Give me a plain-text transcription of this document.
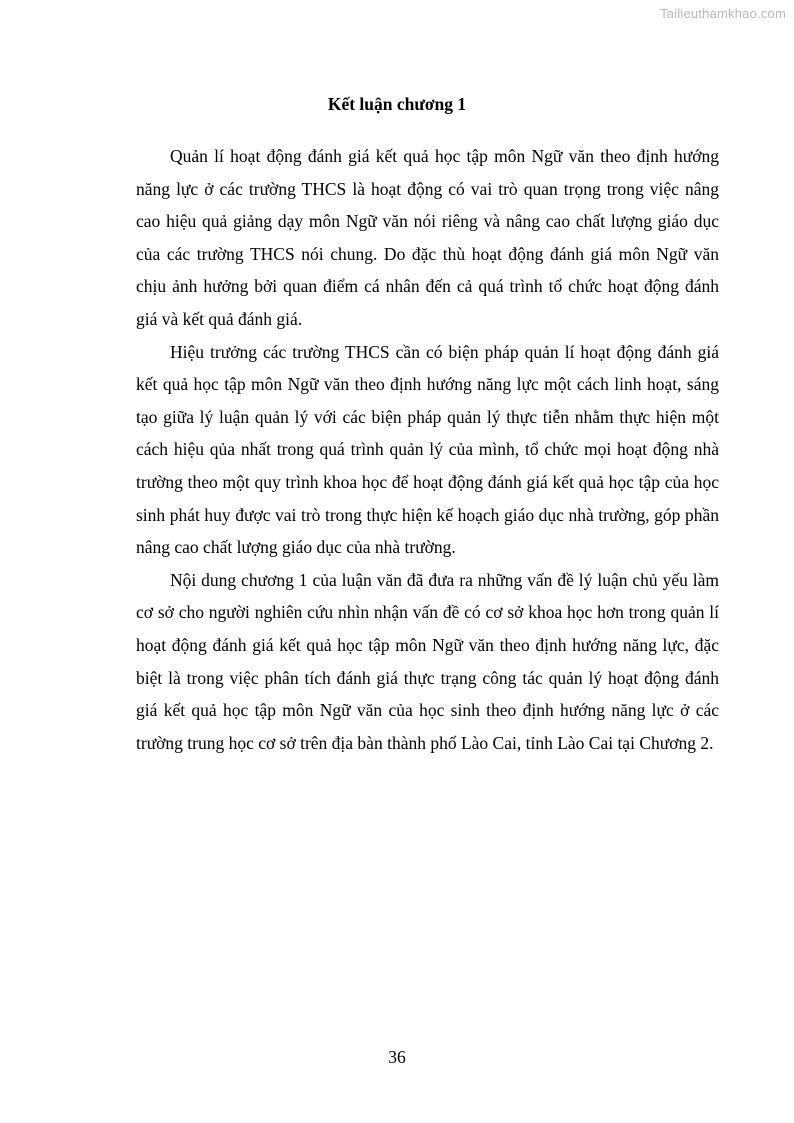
Tailieuthamkhao.com
Kết luận chương 1

Quản lí hoạt động đánh giá kết quả học tập môn Ngữ văn theo định hướng năng lực ở các trường THCS là hoạt động có vai trò quan trọng trong việc nâng cao hiệu quả giảng dạy môn Ngữ văn nói riêng và nâng cao chất lượng giáo dục của các trường THCS nói chung. Do đặc thù hoạt động đánh giá môn Ngữ văn chịu ảnh hưởng bởi quan điểm cá nhân đến cả quá trình tổ chức hoạt động đánh giá và kết quả đánh giá.

Hiệu trưởng các trường THCS cần có biện pháp quản lí hoạt động đánh giá kết quả học tập môn Ngữ văn theo định hướng năng lực một cách linh hoạt, sáng tạo giữa lý luận quản lý với các biện pháp quản lý thực tiễn nhằm thực hiện một cách hiệu qủa nhất trong quá trình quản lý của mình, tổ chức mọi hoạt động nhà trường theo một quy trình khoa học để hoạt động đánh giá kết quả học tập của học sinh phát huy được vai trò trong thực hiện kế hoạch giáo dục nhà trường, góp phần nâng cao chất lượng giáo dục của nhà trường.

Nội dung chương 1 của luận văn đã đưa ra những vấn đề lý luận chủ yếu làm cơ sở cho người nghiên cứu nhìn nhận vấn đề có cơ sở khoa học hơn trong quản lí hoạt động đánh giá kết quả học tập môn Ngữ văn theo định hướng năng lực, đặc biệt là trong việc phân tích đánh giá thực trạng công tác quản lý hoạt động đánh giá kết quả học tập môn Ngữ văn của học sinh theo định hướng năng lực ở các trường trung học cơ sở trên địa bàn thành phố Lào Cai, tỉnh Lào Cai tại Chương 2.

36
